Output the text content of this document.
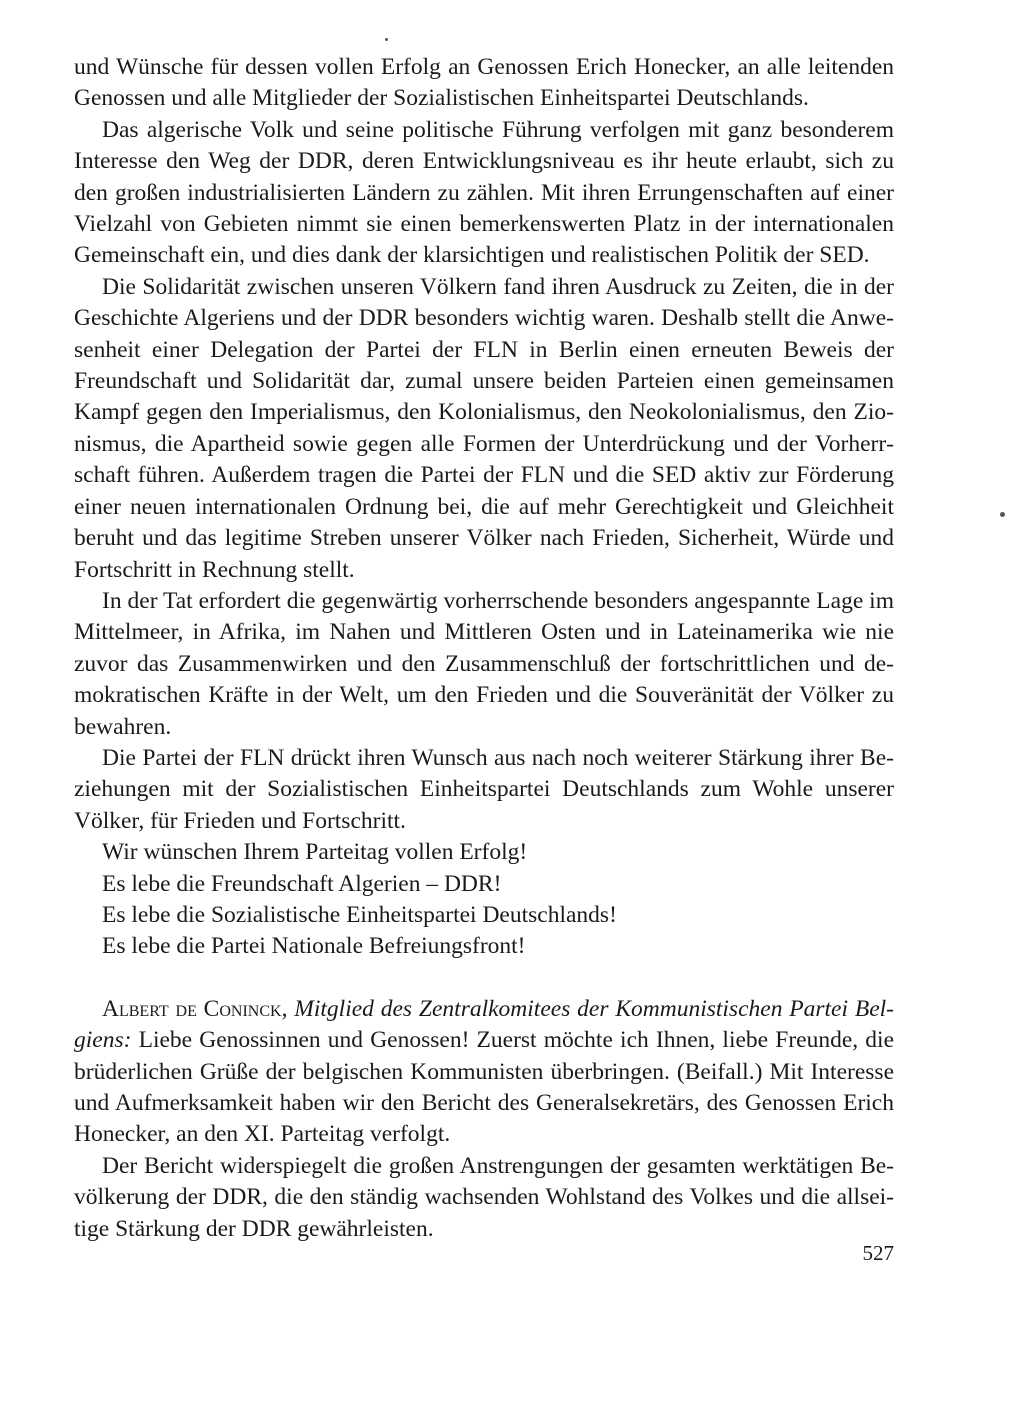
und Wünsche für dessen vollen Erfolg an Genossen Erich Honecker, an alle leitenden Genossen und alle Mitglieder der Sozialistischen Einheitspartei Deutschlands.

Das algerische Volk und seine politische Führung verfolgen mit ganz besonderem Interesse den Weg der DDR, deren Entwicklungsniveau es ihr heute erlaubt, sich zu den großen industrialisierten Ländern zu zählen. Mit ihren Errungenschaften auf einer Vielzahl von Gebieten nimmt sie einen bemerkenswerten Platz in der internationalen Gemeinschaft ein, und dies dank der klarsichtigen und realistischen Politik der SED.

Die Solidarität zwischen unseren Völkern fand ihren Ausdruck zu Zeiten, die in der Geschichte Algeriens und der DDR besonders wichtig waren. Deshalb stellt die Anwesenheit einer Delegation der Partei der FLN in Berlin einen erneuten Beweis der Freundschaft und Solidarität dar, zumal unsere beiden Parteien einen gemeinsamen Kampf gegen den Imperialismus, den Kolonialismus, den Neokolonialismus, den Zionismus, die Apartheid sowie gegen alle Formen der Unterdrückung und der Vorherrschaft führen. Außerdem tragen die Partei der FLN und die SED aktiv zur Förderung einer neuen internationalen Ordnung bei, die auf mehr Gerechtigkeit und Gleichheit beruht und das legitime Streben unserer Völker nach Frieden, Sicherheit, Würde und Fortschritt in Rechnung stellt.

In der Tat erfordert die gegenwärtig vorherrschende besonders angespannte Lage im Mittelmeer, in Afrika, im Nahen und Mittleren Osten und in Lateinamerika wie nie zuvor das Zusammenwirken und den Zusammenschluß der fortschrittlichen und demokratischen Kräfte in der Welt, um den Frieden und die Souveränität der Völker zu bewahren.

Die Partei der FLN drückt ihren Wunsch aus nach noch weiterer Stärkung ihrer Beziehungen mit der Sozialistischen Einheitspartei Deutschlands zum Wohle unserer Völker, für Frieden und Fortschritt.

Wir wünschen Ihrem Parteitag vollen Erfolg!

Es lebe die Freundschaft Algerien – DDR!

Es lebe die Sozialistische Einheitspartei Deutschlands!

Es lebe die Partei Nationale Befreiungsfront!

Albert de Coninck, Mitglied des Zentralkomitees der Kommunistischen Partei Belgiens: Liebe Genossinnen und Genossen! Zuerst möchte ich Ihnen, liebe Freunde, die brüderlichen Grüße der belgischen Kommunisten überbringen. (Beifall.) Mit Interesse und Aufmerksamkeit haben wir den Bericht des Generalsekretärs, des Genossen Erich Honecker, an den XI. Parteitag verfolgt.

Der Bericht widerspiegelt die großen Anstrengungen der gesamten werktätigen Bevölkerung der DDR, die den ständig wachsenden Wohlstand des Volkes und die allseitige Stärkung der DDR gewährleisten.

527
